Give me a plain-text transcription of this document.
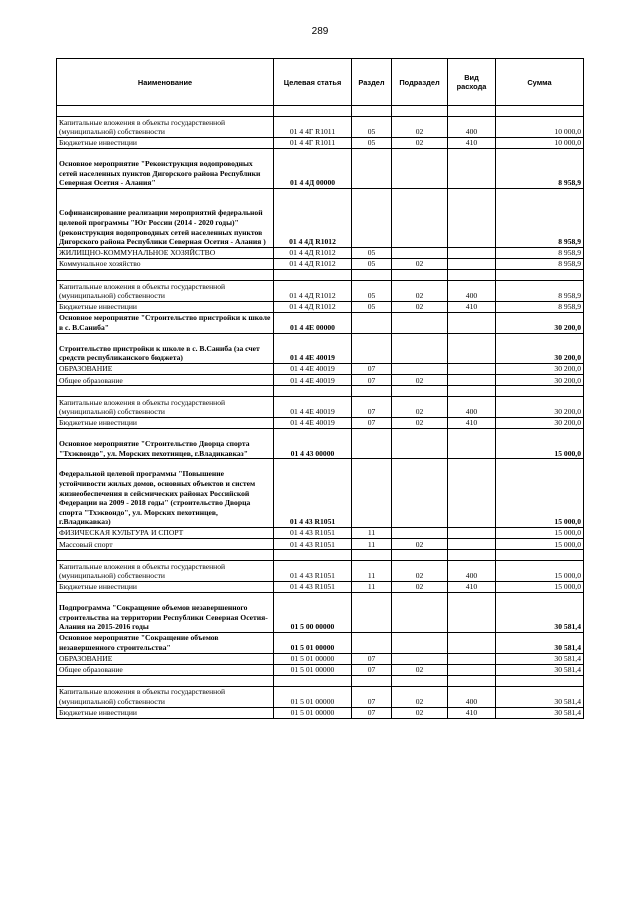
289
Наименование	Целевая статья	Раздел	Подраздел	Вид расхода	Сумма

Капитальные вложения в объекты государственной (муниципальной) собственности	01 4 4Г R1011	05	02	400	10 000,0
Бюджетные инвестиции	01 4 4Г R1011	05	02	410	10 000,0
Основное мероприятие "Реконструкция водопроводных сетей населенных пунктов Дигорского района Республики Северная Осетия - Алания"	01 4 4Д 00000				8 958,9
Софинансирование реализации мероприятий федеральной целевой программы "Юг России (2014 - 2020 годы)" (реконструкция водопроводных сетей населенных пунктов Дигорского района Республики Северная Осетия - Алания )	01 4 4Д R1012				8 958,9
ЖИЛИЩНО-КОММУНАЛЬНОЕ ХОЗЯЙСТВО	01 4 4Д R1012	05			8 958,9
Коммунальное хозяйство	01 4 4Д R1012	05	02		8 958,9

Капитальные вложения в объекты государственной (муниципальной) собственности	01 4 4Д R1012	05	02	400	8 958,9
Бюджетные инвестиции	01 4 4Д R1012	05	02	410	8 958,9
Основное мероприятие "Строительство пристройки к школе в с. В.Саниба"	01 4 4Е 00000				30 200,0
Строительство пристройки к школе в с. В.Саниба (за счет средств республиканского бюджета)	01 4 4Е 40019				30 200,0
ОБРАЗОВАНИЕ	01 4 4Е 40019	07			30 200,0
Общее образование	01 4 4Е 40019	07	02		30 200,0

Капитальные вложения в объекты государственной (муниципальной) собственности	01 4 4Е 40019	07	02	400	30 200,0
Бюджетные инвестиции	01 4 4Е 40019	07	02	410	30 200,0
Основное мероприятие "Строительство Дворца спорта "Тхэквондо", ул. Морских пехотинцев, г.Владикавказ"	01 4 43 00000				15 000,0
Федеральной целевой программы "Повышение устойчивости жилых домов, основных объектов и систем жизнеобеспечения в сейсмических районах Российской Федерации на 2009 - 2018 годы" (строительство Дворца спорта "Тхэквондо", ул. Морских пехотинцев, г.Владикавказ)	01 4 43 R1051				15 000,0
ФИЗИЧЕСКАЯ КУЛЬТУРА И СПОРТ	01 4 43 R1051	11			15 000,0
Массовый спорт	01 4 43 R1051	11	02		15 000,0

Капитальные вложения в объекты государственной (муниципальной) собственности	01 4 43 R1051	11	02	400	15 000,0
Бюджетные инвестиции	01 4 43 R1051	11	02	410	15 000,0
Подпрограмма "Сокращение объемов незавершенного строительства на территории Республики Северная Осетия-Алания на 2015-2016 годы	01 5 00 00000				30 581,4
Основное мероприятие "Сокращение объемов незавершенного строительства"	01 5 01 00000				30 581,4
ОБРАЗОВАНИЕ	01 5 01 00000	07			30 581,4
Общее образование	01 5 01 00000	07	02		30 581,4

Капитальные вложения в объекты государственной (муниципальной) собственности	01 5 01 00000	07	02	400	30 581,4
Бюджетные инвестиции	01 5 01 00000	07	02	410	30 581,4
